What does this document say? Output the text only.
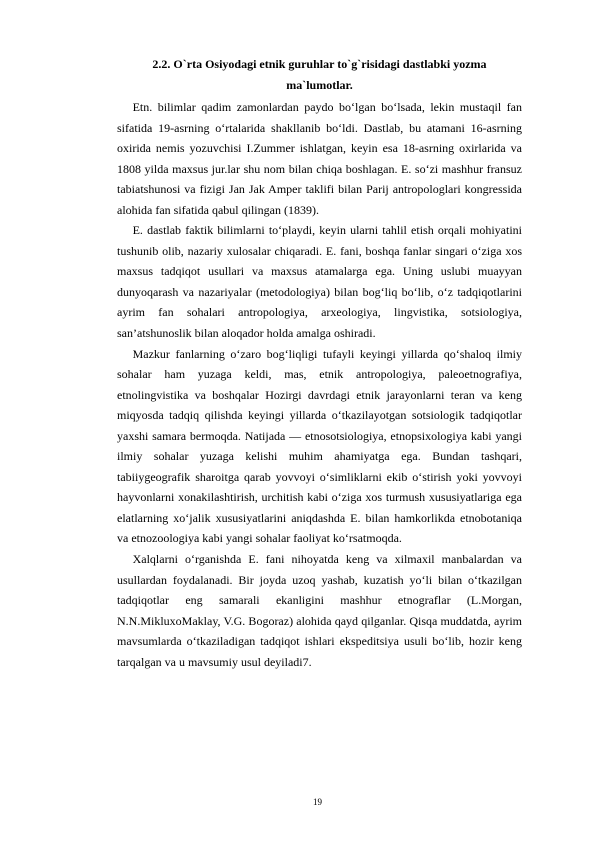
2.2. O`rta Osiyodagi etnik guruhlar to`g`risidagi dastlabki yozma
ma`lumotlar.

Etn. bilimlar qadim zamonlardan paydo bo‘lgan bo‘lsada, lekin mustaqil fan sifatida 19-asrning o‘rtalarida shakllanib bo‘ldi. Dastlab, bu atamani 16-asrning oxirida nemis yozuvchisi I.Zummer ishlatgan, keyin esa 18-asrning oxirlarida va 1808 yilda maxsus jur.lar shu nom bilan chiqa boshlagan. E. so‘zi mashhur fransuz tabiatshunosi va fizigi Jan Jak Amper taklifi bilan Parij antropologlari kongressida alohida fan sifatida qabul qilingan (1839).

E. dastlab faktik bilimlarni to‘playdi, keyin ularni tahlil etish orqali mohiyatini tushunib olib, nazariy xulosalar chiqaradi. E. fani, boshqa fanlar singari o‘ziga xos maxsus tadqiqot usullari va maxsus atamalarga ega. Uning uslubi muayyan dunyoqarash va nazariyalar (metodologiya) bilan bog‘liq bo‘lib, o‘z tadqiqotlarini ayrim fan sohalari antropologiya, arxeologiya, lingvistika, sotsiologiya, san’atshunoslik bilan aloqador holda amalga oshiradi.

Mazkur fanlarning o‘zaro bog‘liqligi tufayli keyingi yillarda qo‘shaloq ilmiy sohalar ham yuzaga keldi, mas, etnik antropologiya, paleoetnografiya, etnolingvistika va boshqalar Hozirgi davrdagi etnik jarayonlarni teran va keng miqyosda tadqiq qilishda keyingi yillarda o‘tkazilayotgan sotsiologik tadqiqotlar yaxshi samara bermoqda. Natijada — etnosotsiologiya, etnopsixologiya kabi yangi ilmiy sohalar yuzaga kelishi muhim ahamiyatga ega. Bundan tashqari, tabiiygeografik sharoitga qarab yovvoyi o‘simliklarni ekib o‘stirish yoki yovvoyi hayvonlarni xonakilashtirish, urchitish kabi o‘ziga xos turmush xususiyatlariga ega elatlarning xo‘jalik xususiyatlarini aniqdashda E. bilan hamkorlikda etnobotaniqa va etnozoologiya kabi yangi sohalar faoliyat ko‘rsatmoqda.

Xalqlarni o‘rganishda E. fani nihoyatda keng va xilmaxil manbalardan va usullardan foydalanadi. Bir joyda uzoq yashab, kuzatish yo‘li bilan o‘tkazilgan tadqiqotlar eng samarali ekanligini mashhur etnograflar (L.Morgan, N.N.MikluxoMaklay, V.G. Bogoraz) alohida qayd qilganlar. Qisqa muddatda, ayrim mavsumlarda o‘tkaziladigan tadqiqot ishlari ekspeditsiya usuli bo‘lib, hozir keng tarqalgan va u mavsumiy usul deyiladi7.

19
